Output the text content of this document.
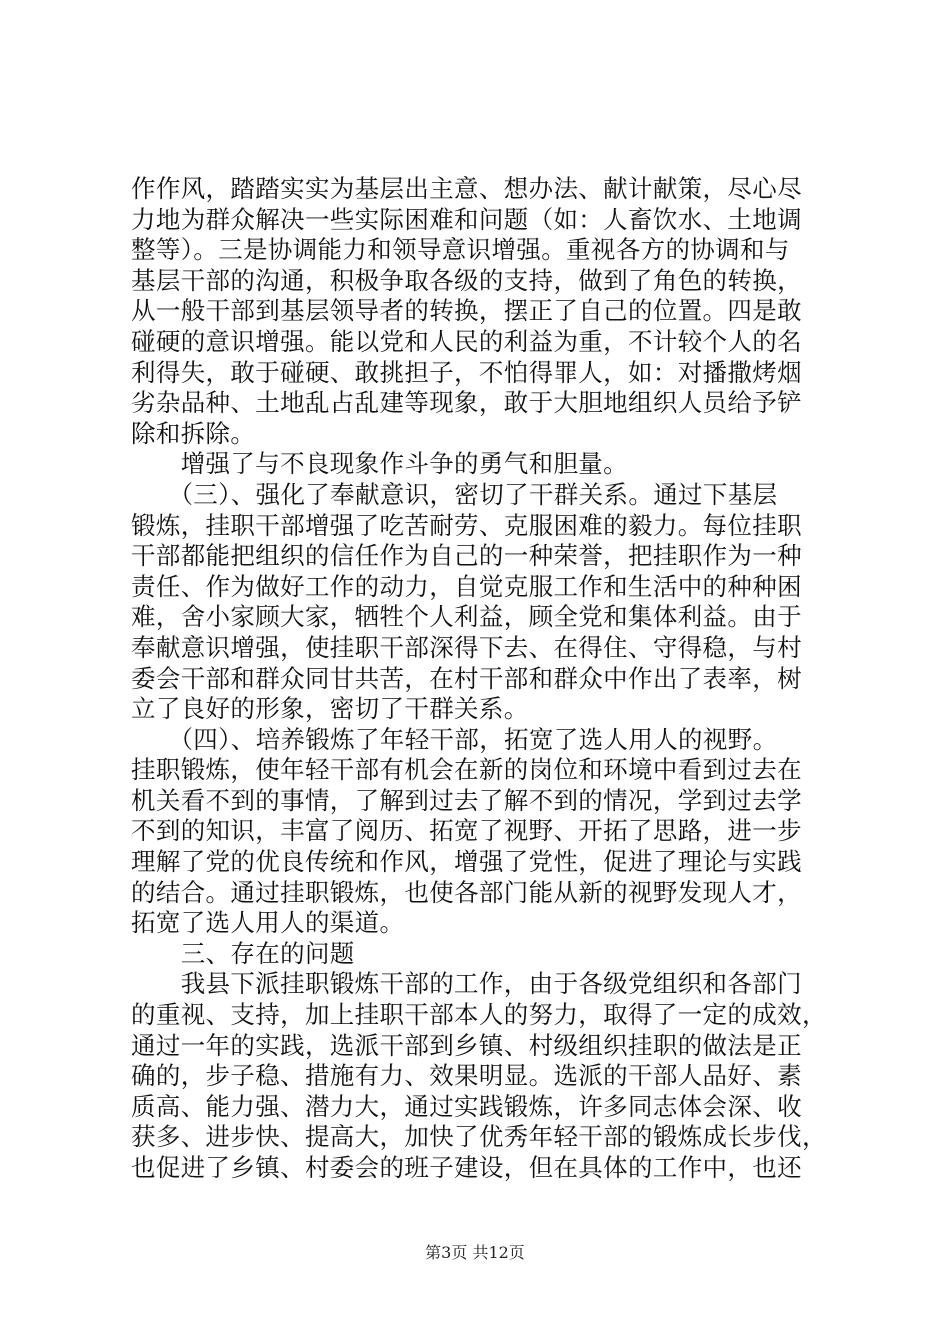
作作风，踏踏实实为基层出主意、想办法、献计献策，尽心尽
力地为群众解决一些实际困难和问题（如：人畜饮水、土地调
整等）。三是协调能力和领导意识增强。重视各方的协调和与
基层干部的沟通，积极争取各级的支持，做到了角色的转换，
从一般干部到基层领导者的转换，摆正了自己的位置。四是敢
碰硬的意识增强。能以党和人民的利益为重，不计较个人的名
利得失，敢于碰硬、敢挑担子，不怕得罪人，如：对播撒烤烟
劣杂品种、土地乱占乱建等现象，敢于大胆地组织人员给予铲
除和拆除。
　　增强了与不良现象作斗争的勇气和胆量。
　　（三）、强化了奉献意识，密切了干群关系。通过下基层
锻炼，挂职干部增强了吃苦耐劳、克服困难的毅力。每位挂职
干部都能把组织的信任作为自己的一种荣誉，把挂职作为一种
责任、作为做好工作的动力，自觉克服工作和生活中的种种困
难，舍小家顾大家，牺牲个人利益，顾全党和集体利益。由于
奉献意识增强，使挂职干部深得下去、在得住、守得稳，与村
委会干部和群众同甘共苦，在村干部和群众中作出了表率，树
立了良好的形象，密切了干群关系。
　　（四）、培养锻炼了年轻干部，拓宽了选人用人的视野。
挂职锻炼，使年轻干部有机会在新的岗位和环境中看到过去在
机关看不到的事情，了解到过去了解不到的情况，学到过去学
不到的知识，丰富了阅历、拓宽了视野、开拓了思路，进一步
理解了党的优良传统和作风，增强了党性，促进了理论与实践
的结合。通过挂职锻炼，也使各部门能从新的视野发现人才，
拓宽了选人用人的渠道。
　　三、存在的问题
　　我县下派挂职锻炼干部的工作，由于各级党组织和各部门
的重视、支持，加上挂职干部本人的努力，取得了一定的成效，
通过一年的实践，选派干部到乡镇、村级组织挂职的做法是正
确的，步子稳、措施有力、效果明显。选派的干部人品好、素
质高、能力强、潜力大，通过实践锻炼，许多同志体会深、收
获多、进步快、提高大，加快了优秀年轻干部的锻炼成长步伐，
也促进了乡镇、村委会的班子建设，但在具体的工作中，也还
第3页 共12页
